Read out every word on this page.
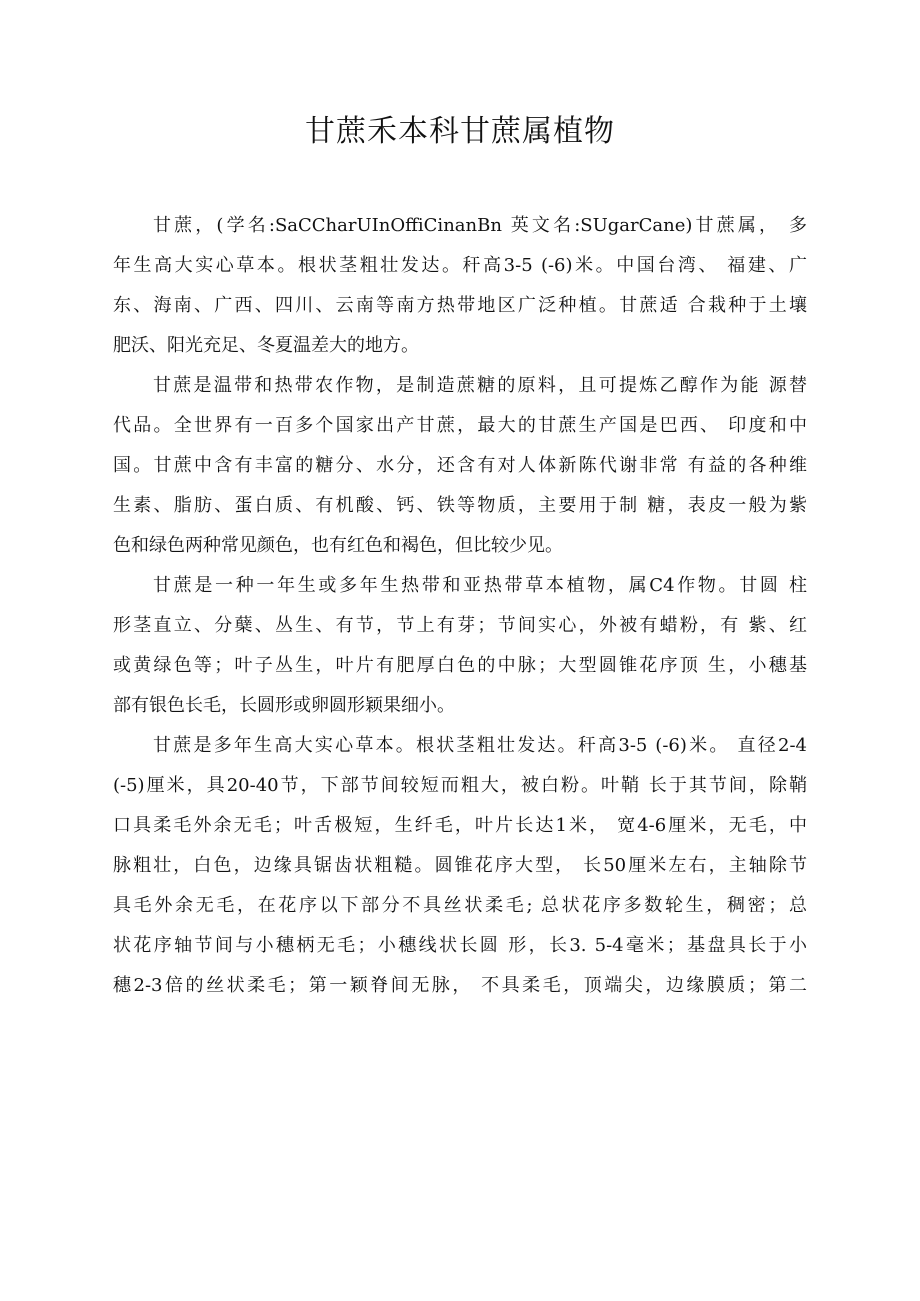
甘蔗禾本科甘蔗属植物

甘蔗，(学名:SaCCharUInOffiCinanBn 英文名:SUgarCane)甘蔗属， 多
年生高大实心草本。根状茎粗壮发达。秆高3-5 (-6)米。中国台湾、 福建、广
东、海南、广西、四川、云南等南方热带地区广泛种植。甘蔗适 合栽种于土壤
肥沃、阳光充足、冬夏温差大的地方。

甘蔗是温带和热带农作物，是制造蔗糖的原料，且可提炼乙醇作为能 源替
代品。全世界有一百多个国家出产甘蔗，最大的甘蔗生产国是巴西、 印度和中
国。甘蔗中含有丰富的糖分、水分，还含有对人体新陈代谢非常 有益的各种维
生素、脂肪、蛋白质、有机酸、钙、铁等物质，主要用于制 糖，表皮一般为紫
色和绿色两种常见颜色，也有红色和褐色，但比较少见。

甘蔗是一种一年生或多年生热带和亚热带草本植物，属C4作物。甘圆 柱
形茎直立、分蘖、丛生、有节，节上有芽；节间实心，外被有蜡粉，有 紫、红
或黄绿色等；叶子丛生，叶片有肥厚白色的中脉；大型圆锥花序顶 生，小穗基
部有银色长毛，长圆形或卵圆形颖果细小。

甘蔗是多年生高大实心草本。根状茎粗壮发达。秆高3-5 (-6)米。 直径2-4
(-5)厘米，具20-40节，下部节间较短而粗大，被白粉。叶鞘 长于其节间，除鞘
口具柔毛外余无毛；叶舌极短，生纤毛，叶片长达1米， 宽4-6厘米，无毛，中
脉粗壮，白色，边缘具锯齿状粗糙。圆锥花序大型， 长50厘米左右，主轴除节
具毛外余无毛，在花序以下部分不具丝状柔毛; 总状花序多数轮生，稠密；总
状花序轴节间与小穗柄无毛；小穗线状长圆 形，长3. 5-4毫米；基盘具长于小
穗2-3倍的丝状柔毛；第一颖脊间无脉， 不具柔毛，顶端尖，边缘膜质；第二
